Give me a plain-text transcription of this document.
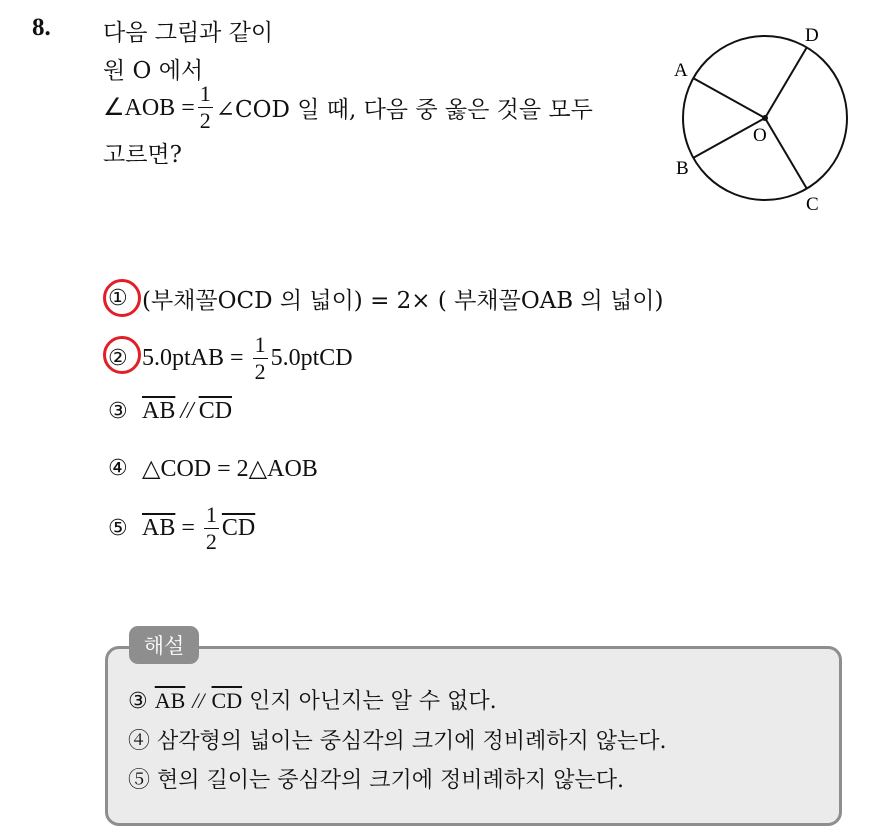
8. 다음 그림과 같이
원 O 에서
∠AOB = $\frac{1}{2}$ ∠COD 일 때, 다음 중 옳은 것을 모두
고르면?
A
B
C
D
O
① (부채꼴OCD 의 넓이) = 2× ( 부채꼴OAB 의 넓이)
② 5.0ptAB = $\frac{1}{2}$ 5.0ptCD
③ $\overline{AB} // \overline{CD}$
④ △COD = 2△AOB
⑤ $\overline{AB} = \frac{1}{2} \overline{CD}$
해설
③ $\overline{AB} // \overline{CD}$ 인지 아닌지는 알 수 없다.
④ 삼각형의 넓이는 중심각의 크기에 정비례하지 않는다.
⑤ 현의 길이는 중심각의 크기에 정비례하지 않는다.
